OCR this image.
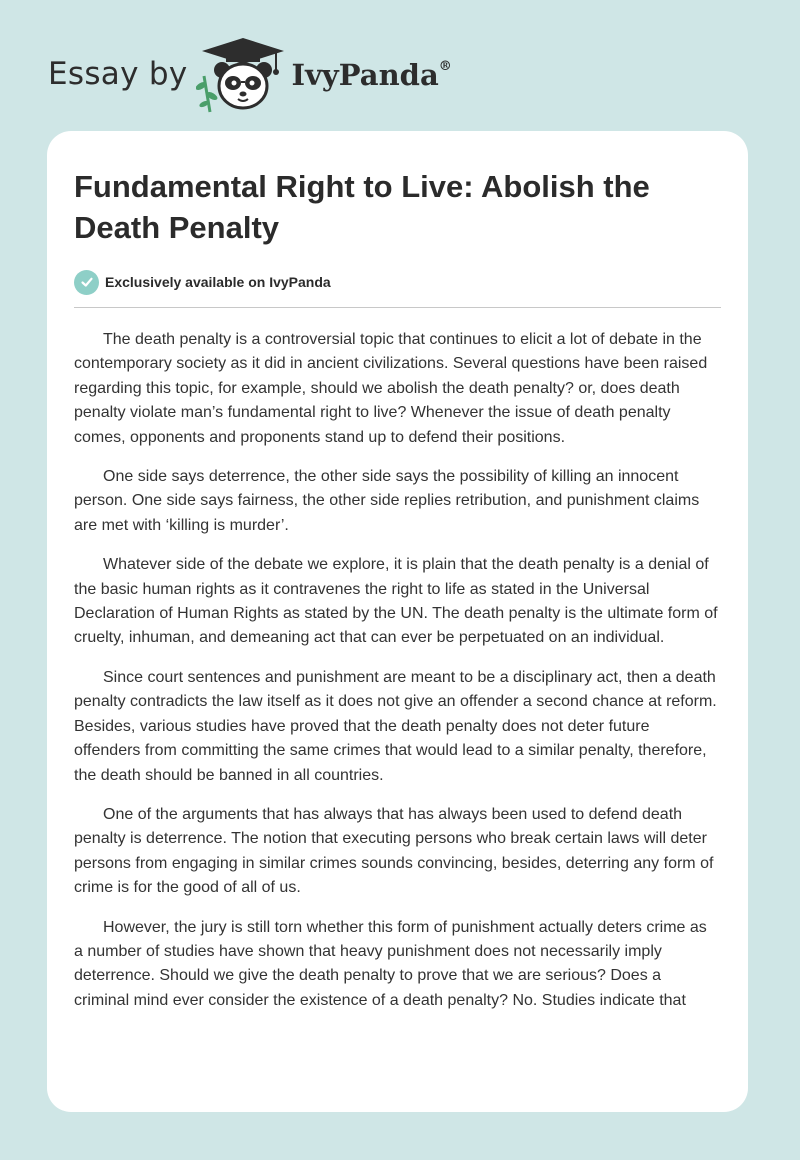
Essay by	IvyPanda®
Fundamental Right to Live: Abolish the Death Penalty
Exclusively available on IvyPanda

The death penalty is a controversial topic that continues to elicit a lot of debate in the contemporary society as it did in ancient civilizations. Several questions have been raised regarding this topic, for example, should we abolish the death penalty? or, does death penalty violate man’s fundamental right to live? Whenever the issue of death penalty comes, opponents and proponents stand up to defend their positions.

One side says deterrence, the other side says the possibility of killing an innocent person. One side says fairness, the other side replies retribution, and punishment claims are met with ‘killing is murder’.

Whatever side of the debate we explore, it is plain that the death penalty is a denial of the basic human rights as it contravenes the right to life as stated in the Universal Declaration of Human Rights as stated by the UN. The death penalty is the ultimate form of cruelty, inhuman, and demeaning act that can ever be perpetuated on an individual.

Since court sentences and punishment are meant to be a disciplinary act, then a death penalty contradicts the law itself as it does not give an offender a second chance at reform. Besides, various studies have proved that the death penalty does not deter future offenders from committing the same crimes that would lead to a similar penalty, therefore, the death should be banned in all countries.

One of the arguments that has always that has always been used to defend death penalty is deterrence. The notion that executing persons who break certain laws will deter persons from engaging in similar crimes sounds convincing, besides, deterring any form of crime is for the good of all of us.

However, the jury is still torn whether this form of punishment actually deters crime as a number of studies have shown that heavy punishment does not necessarily imply deterrence. Should we give the death penalty to prove that we are serious? Does a criminal mind ever consider the existence of a death penalty? No. Studies indicate that
